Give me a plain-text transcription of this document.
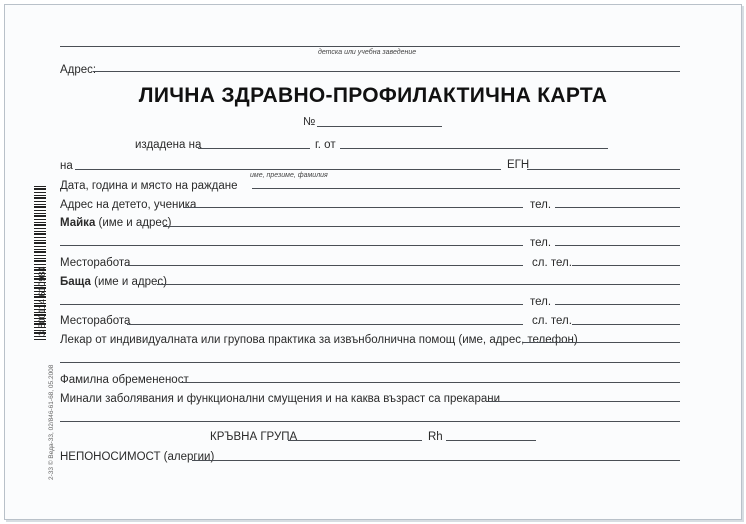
детска или учебна заведение
Адрес:
ЛИЧНА ЗДРАВНО-ПРОФИЛАКТИЧНА КАРТА
№
издадена на	г. от
на
име, презиме, фамилия
ЕГН
Дата, година и място на раждане
Адрес на детето, ученика	тел.
Майка (име и адрес)
тел.
Месторабота	сл. тел.
Баща (име и адрес)
тел.
Месторабота	сл. тел.
Лекар от индивидуалната или групова практика за извънболнична помощ (име, адрес, телефон)
Фамилна обремененост
Минали заболявания и функционални смущения и на каква възраст са прекарани
КРЪВНА ГРУПА	Rh
НЕПОНОСИМОСТ (алергии)
3 800114 610984
2-33 © Веда-33, 02/846-61-68, 05.2008
